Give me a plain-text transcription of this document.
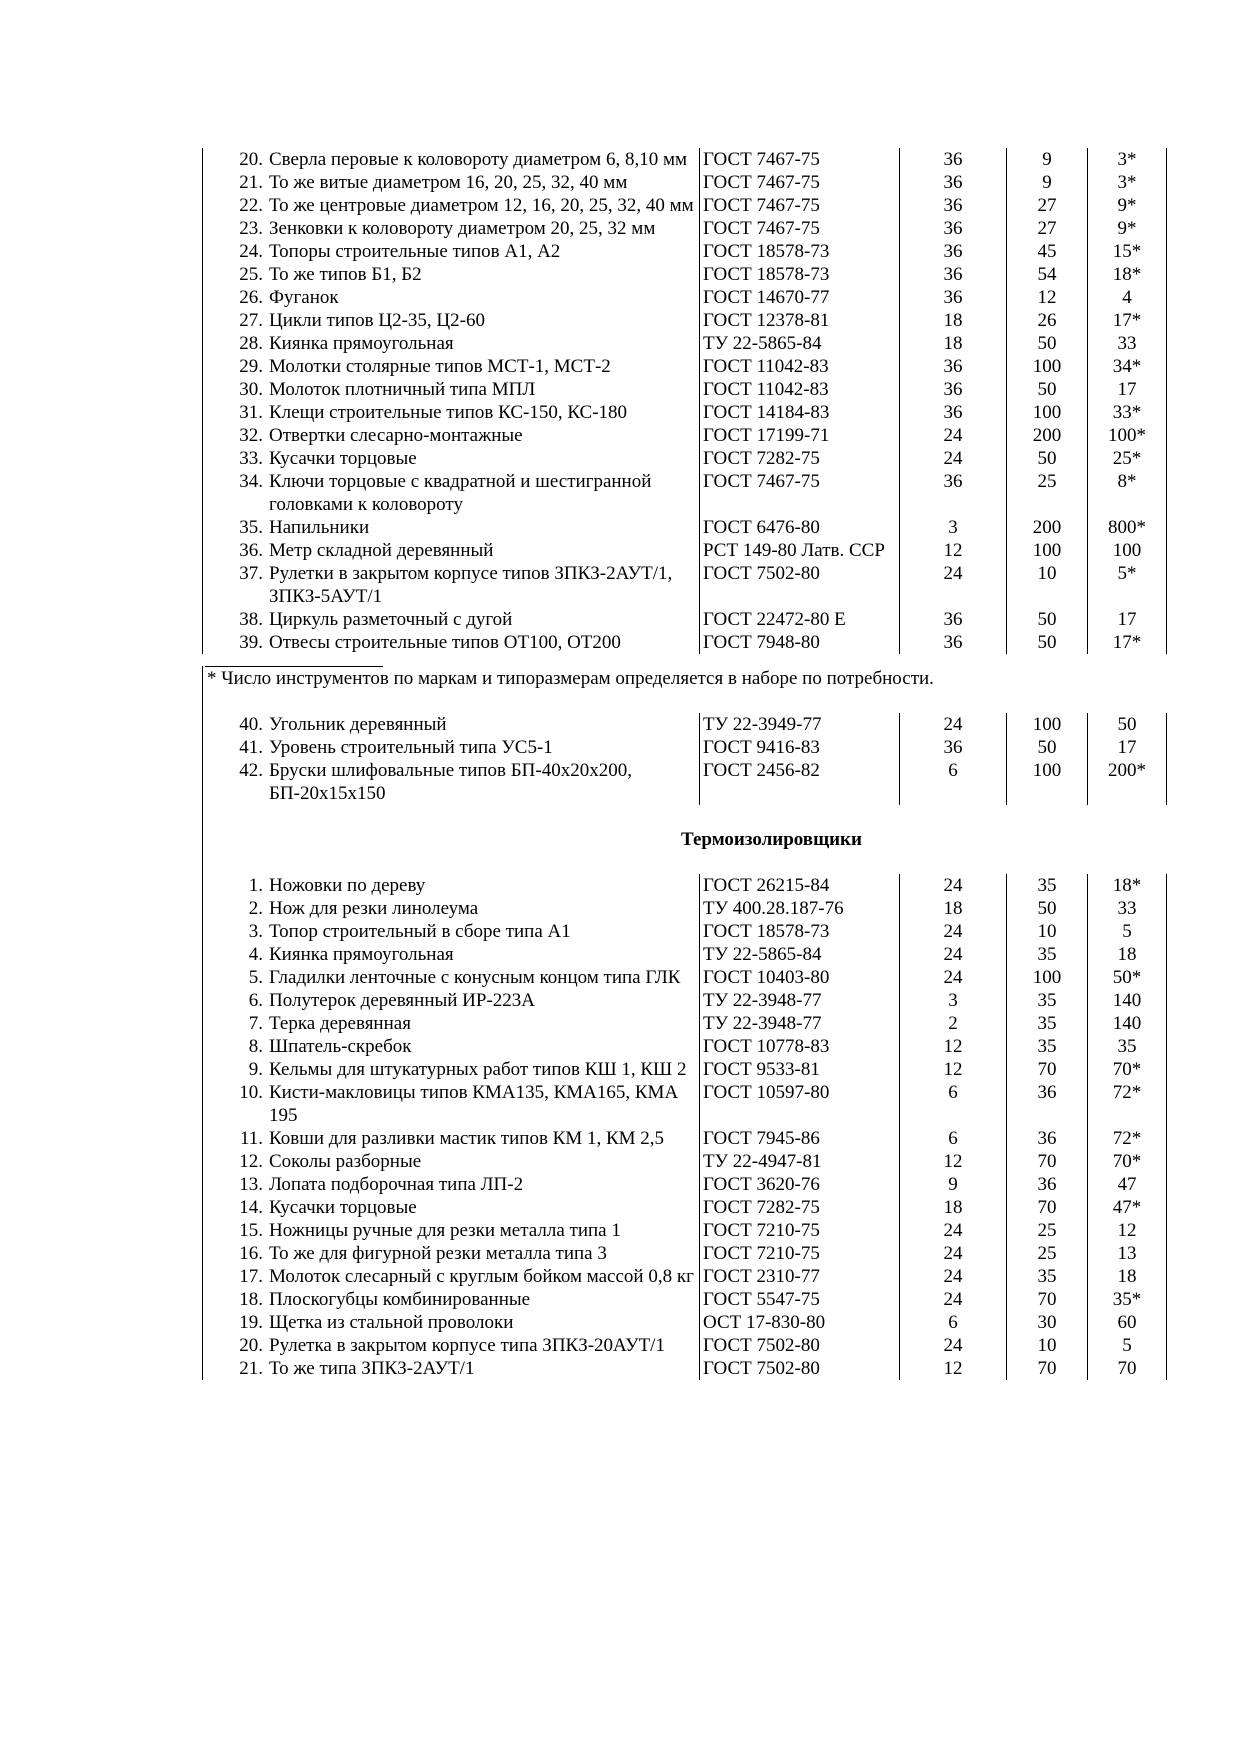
20.	Сверла перовые к коловороту диаметром 6, 8,10 мм	ГОСТ 7467-75	36	9	3*
21.	То же витые диаметром 16, 20, 25, 32, 40 мм	ГОСТ 7467-75	36	9	3*
22.	То же центровые диаметром 12, 16, 20, 25, 32, 40 мм	ГОСТ 7467-75	36	27	9*
23.	Зенковки к коловороту диаметром 20, 25, 32 мм	ГОСТ 7467-75	36	27	9*
24.	Топоры строительные типов А1, А2	ГОСТ 18578-73	36	45	15*
25.	То же типов Б1, Б2	ГОСТ 18578-73	36	54	18*
26.	Фуганок	ГОСТ 14670-77	36	12	4
27.	Цикли типов Ц2-35, Ц2-60	ГОСТ 12378-81	18	26	17*
28.	Киянка прямоугольная	ТУ 22-5865-84	18	50	33
29.	Молотки столярные типов МСТ-1, МСТ-2	ГОСТ 11042-83	36	100	34*
30.	Молоток плотничный типа МПЛ	ГОСТ 11042-83	36	50	17
31.	Клещи строительные типов КС-150, КС-180	ГОСТ 14184-83	36	100	33*
32.	Отвертки слесарно-монтажные	ГОСТ 17199-71	24	200	100*
33.	Кусачки торцовые	ГОСТ 7282-75	24	50	25*
34.	Ключи торцовые с квадратной и шестигранной головками к коловороту	ГОСТ 7467-75	36	25	8*
35.	Напильники	ГОСТ 6476-80	3	200	800*
36.	Метр складной деревянный	РСТ 149-80 Латв. ССР	12	100	100
37.	Рулетки в закрытом корпусе типов ЗПКЗ-2АУТ/1, ЗПКЗ-5АУТ/1	ГОСТ 7502-80	24	10	5*
38.	Циркуль разметочный с дугой	ГОСТ 22472-80 Е	36	50	17
39.	Отвесы строительные типов ОТ100, ОТ200	ГОСТ 7948-80	36	50	17*
* Число инструментов по маркам и типоразмерам определяется в наборе по потребности.
40.	Угольник деревянный	ТУ 22-3949-77	24	100	50
41.	Уровень строительный типа УС5-1	ГОСТ 9416-83	36	50	17
42.	Бруски шлифовальные типов БП-40х20х200, БП-20х15х150	ГОСТ 2456-82	6	100	200*
Термоизолировщики
1.	Ножовки по дереву	ГОСТ 26215-84	24	35	18*
2.	Нож для резки линолеума	ТУ 400.28.187-76	18	50	33
3.	Топор строительный в сборе типа А1	ГОСТ 18578-73	24	10	5
4.	Киянка прямоугольная	ТУ 22-5865-84	24	35	18
5.	Гладилки ленточные с конусным концом типа ГЛК	ГОСТ 10403-80	24	100	50*
6.	Полутерок деревянный ИР-223А	ТУ 22-3948-77	3	35	140
7.	Терка деревянная	ТУ 22-3948-77	2	35	140
8.	Шпатель-скребок	ГОСТ 10778-83	12	35	35
9.	Кельмы для штукатурных работ типов КШ 1, КШ 2	ГОСТ 9533-81	12	70	70*
10.	Кисти-макловицы типов КМА135, КМА165, КМА 195	ГОСТ 10597-80	6	36	72*
11.	Ковши для разливки мастик типов КМ 1, КМ 2,5	ГОСТ 7945-86	6	36	72*
12.	Соколы разборные	ТУ 22-4947-81	12	70	70*
13.	Лопата подборочная типа ЛП-2	ГОСТ 3620-76	9	36	47
14.	Кусачки торцовые	ГОСТ 7282-75	18	70	47*
15.	Ножницы ручные для резки металла типа 1	ГОСТ 7210-75	24	25	12
16.	То же для фигурной резки металла типа 3	ГОСТ 7210-75	24	25	13
17.	Молоток слесарный с круглым бойком массой 0,8 кг	ГОСТ 2310-77	24	35	18
18.	Плоскогубцы комбинированные	ГОСТ 5547-75	24	70	35*
19.	Щетка из стальной проволоки	ОСТ 17-830-80	6	30	60
20.	Рулетка в закрытом корпусе типа ЗПКЗ-20АУТ/1	ГОСТ 7502-80	24	10	5
21.	То же типа ЗПКЗ-2АУТ/1	ГОСТ 7502-80	12	70	70
